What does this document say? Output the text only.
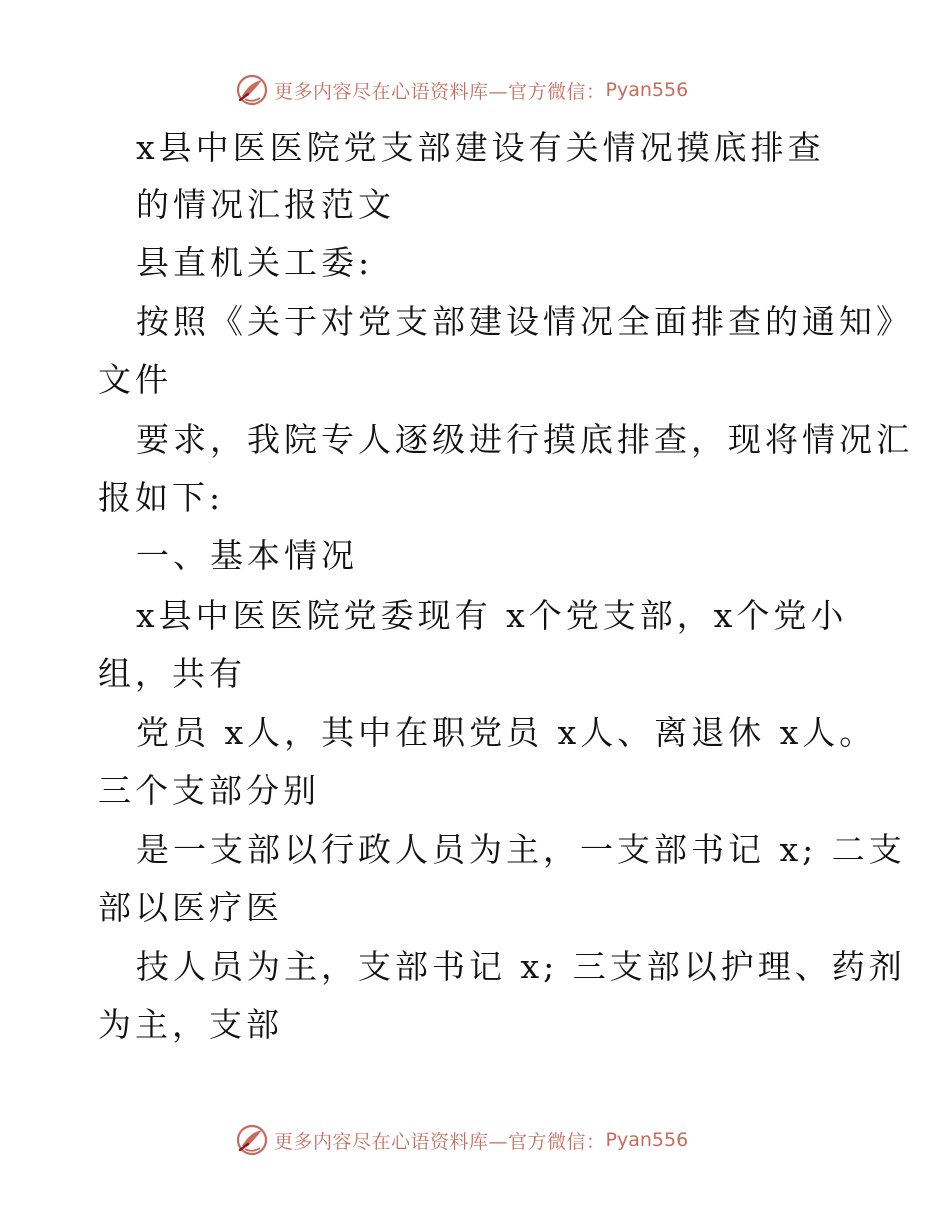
更多内容尽在心语资料库—官方微信： Pyan556
x县中医医院党支部建设有关情况摸底排查
的情况汇报范文
县直机关工委:
按照《关于对党支部建设情况全面排查的通知》
文件
要求，我院专人逐级进行摸底排查，现将情况汇
报如下:
一、基本情况
x县中医医院党委现有 x个党支部，x个党小
组，共有
党员 x人，其中在职党员 x人、离退休 x人。
三个支部分别
是一支部以行政人员为主，一支部书记 x; 二支
部以医疗医
技人员为主，支部书记 x; 三支部以护理、药剂
为主，支部
更多内容尽在心语资料库—官方微信： Pyan556
